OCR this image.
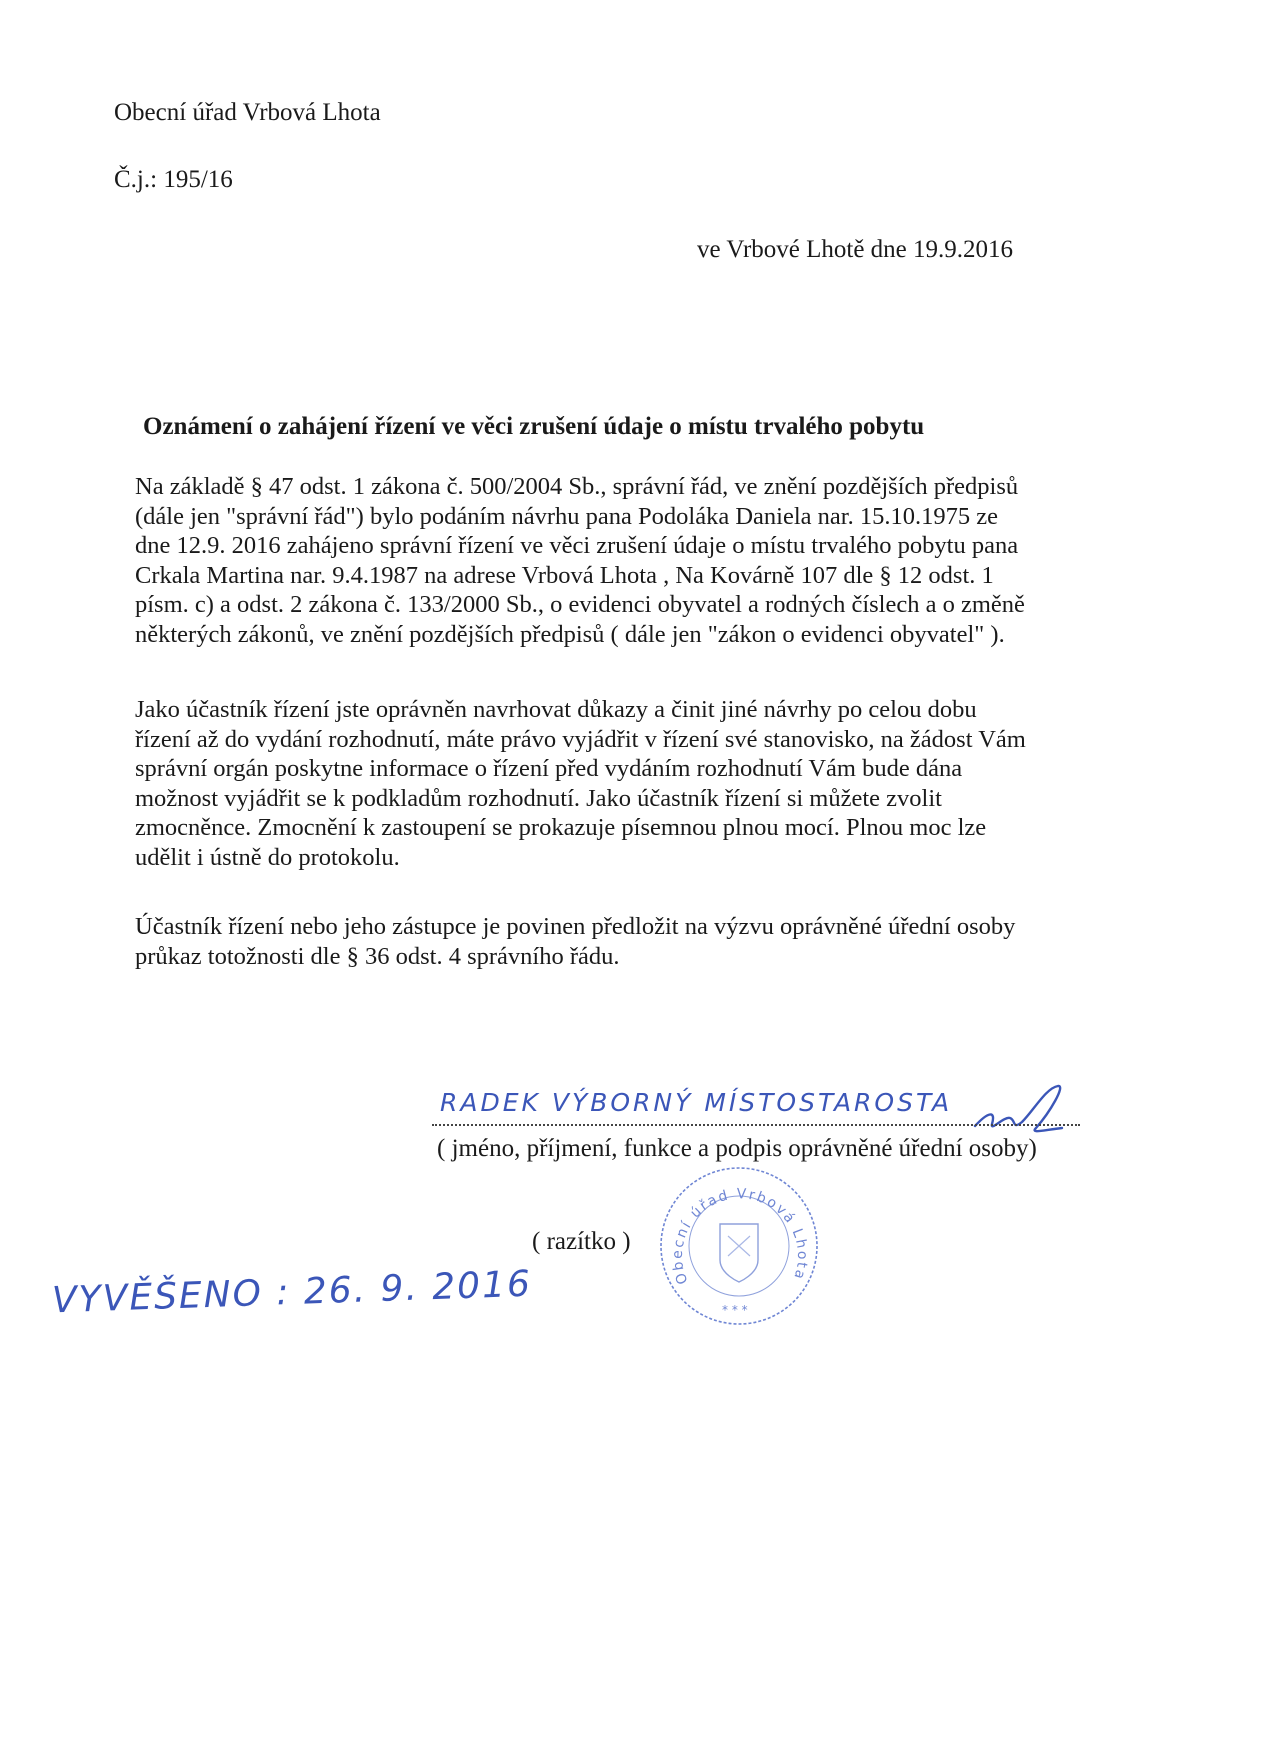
Obecní úřad Vrbová Lhota
Č.j.: 195/16
ve Vrbové Lhotě dne 19.9.2016
Oznámení o zahájení řízení ve věci zrušení údaje o místu trvalého pobytu

Na základě § 47 odst. 1 zákona č. 500/2004 Sb., správní řád, ve znění pozdějších předpisů

(dále jen "správní řád") bylo podáním návrhu pana Podoláka Daniela nar. 15.10.1975 ze

dne 12.9. 2016 zahájeno správní řízení ve věci zrušení údaje o místu trvalého pobytu pana

Crkala Martina nar. 9.4.1987 na adrese Vrbová Lhota , Na Kovárně 107 dle § 12 odst. 1

písm. c) a odst. 2 zákona č. 133/2000 Sb., o evidenci obyvatel a rodných číslech a o změně

některých zákonů, ve znění pozdějších předpisů ( dále jen "zákon o evidenci obyvatel" ).

Jako účastník řízení jste oprávněn navrhovat důkazy a činit jiné návrhy po celou dobu

řízení až do vydání rozhodnutí, máte právo vyjádřit v řízení své stanovisko, na žádost Vám

správní orgán poskytne informace o řízení před vydáním rozhodnutí Vám bude dána

možnost vyjádřit se k podkladům rozhodnutí. Jako účastník řízení si můžete zvolit

zmocněnce. Zmocnění k zastoupení se prokazuje písemnou plnou mocí. Plnou moc lze

udělit i ústně do protokolu.

Účastník řízení nebo jeho zástupce je povinen předložit na výzvu oprávněné úřední osoby

průkaz totožnosti dle § 36 odst. 4 správního řádu.

RADEK VÝBORNÝ MÍSTOSTAROSTA
( jméno, příjmení, funkce a podpis oprávněné úřední osoby)
( razítko )
Obecní úřad Vrbová Lhota
* * *
VYVĚŠENO : 26. 9. 2016
